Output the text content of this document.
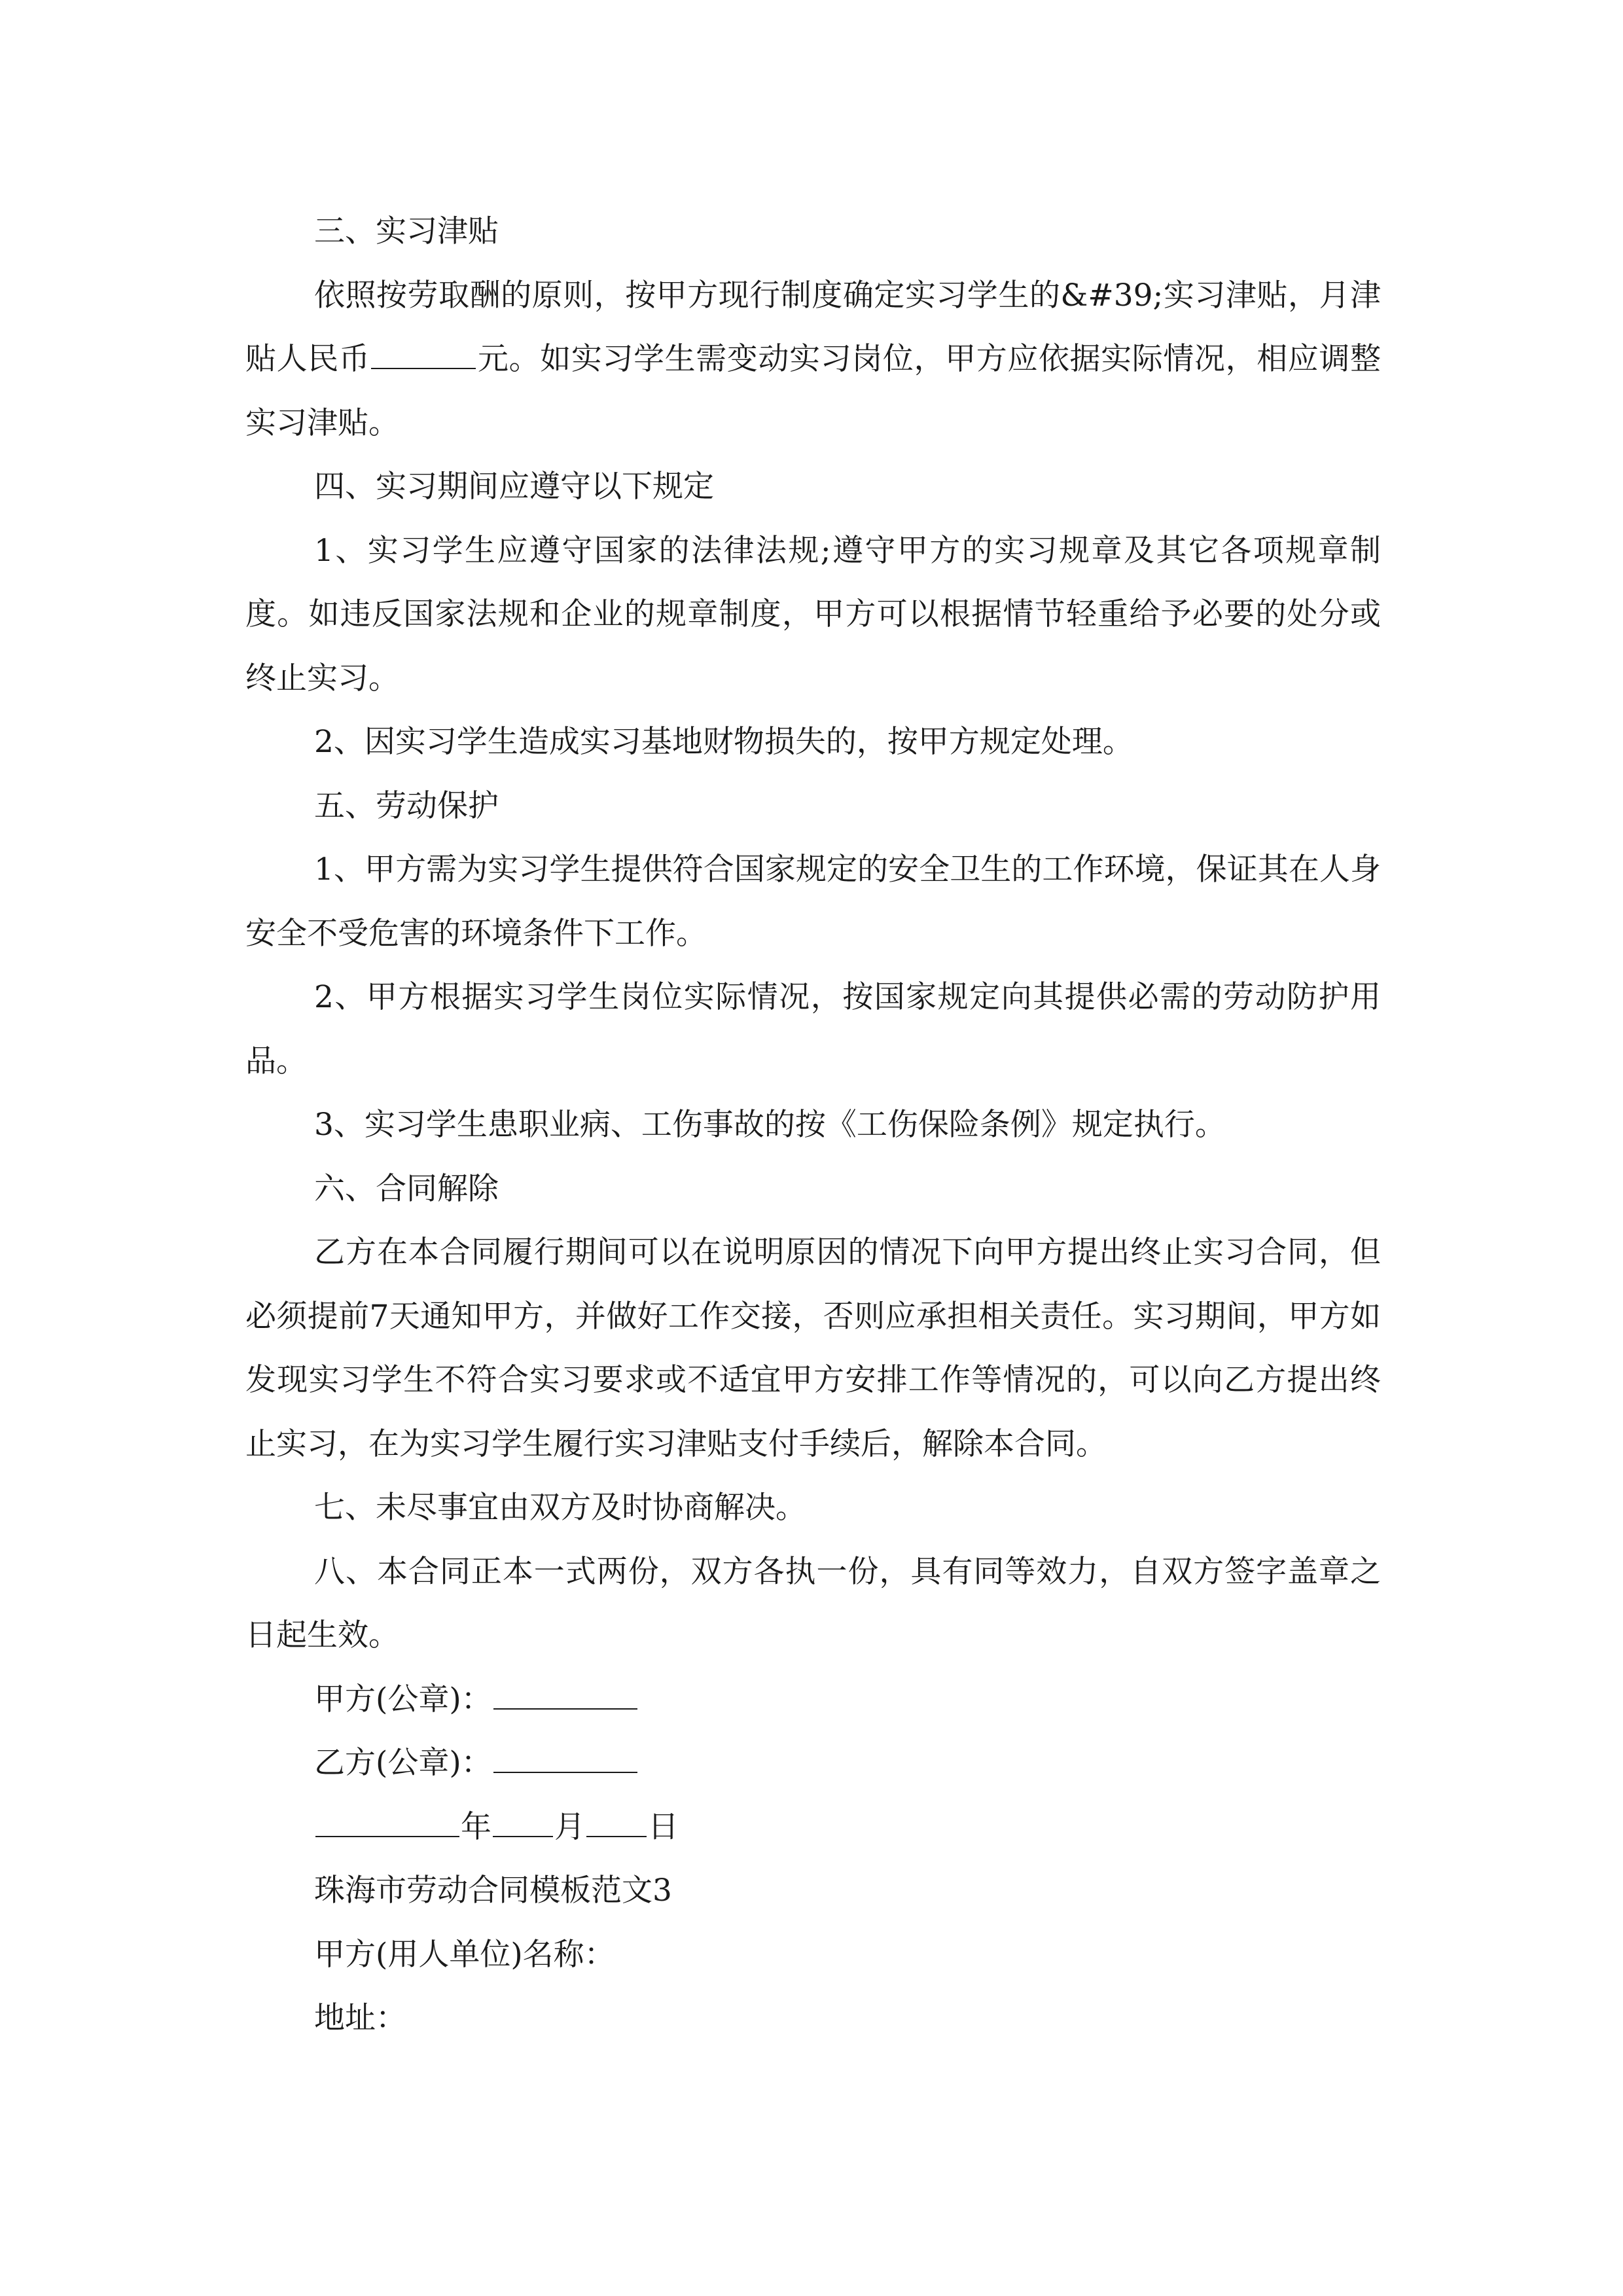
三、实习津贴

依照按劳取酬的原则，按甲方现行制度确定实习学生的&#39;实习津贴，月津贴人民币	元。如实习学生需变动实习岗位，甲方应依据实际情况，相应调整实习津贴。

四、实习期间应遵守以下规定

1、实习学生应遵守国家的法律法规;遵守甲方的实习规章及其它各项规章制度。如违反国家法规和企业的规章制度，甲方可以根据情节轻重给予必要的处分或终止实习。

2、因实习学生造成实习基地财物损失的，按甲方规定处理。

五、劳动保护

1、甲方需为实习学生提供符合国家规定的安全卫生的工作环境，保证其在人身安全不受危害的环境条件下工作。

2、甲方根据实习学生岗位实际情况，按国家规定向其提供必需的劳动防护用品。

3、实习学生患职业病、工伤事故的按《工伤保险条例》规定执行。

六、合同解除

乙方在本合同履行期间可以在说明原因的情况下向甲方提出终止实习合同，但必须提前7天通知甲方，并做好工作交接，否则应承担相关责任。实习期间，甲方如发现实习学生不符合实习要求或不适宜甲方安排工作等情况的，可以向乙方提出终止实习，在为实习学生履行实习津贴支付手续后，解除本合同。

七、未尽事宜由双方及时协商解决。

八、本合同正本一式两份，双方各执一份，具有同等效力，自双方签字盖章之日起生效。

甲方(公章)：

乙方(公章)：

年 月 日

珠海市劳动合同模板范文3

甲方(用人单位)名称：

地址：
